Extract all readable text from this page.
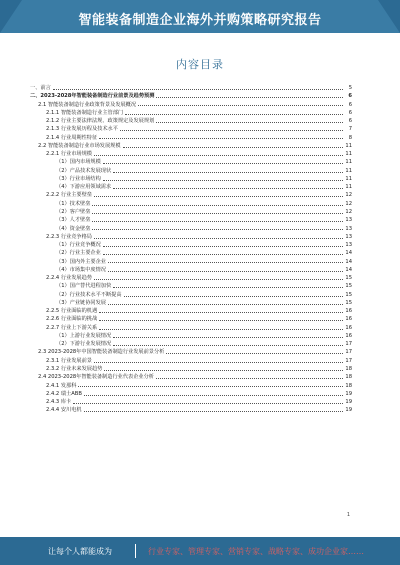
智能装备制造企业海外并购策略研究报告
内容目录
一、前言	5
二、2023-2028年智能装备制造行业前景及趋势预测	6
2.1 智能装备制造行业政策背景及发展概况	6
2.1.1 智能装备制造行业主管部门	6
2.1.2 行业主要法律法规、政策规定及发展规划	6
2.1.3 行业发展历程及技术水平	7
2.1.4 行业周期性特征	8
2.2 智能装备制造行业市场发展规模	11
2.2.1 行业市场规模	11
（1）国内市场规模	11
（2）产品技术发展现状	11
（3）行业市场结构	11
（4）下游应用领域需求	11
2.2.2 行业主要壁垒	12
（1）技术壁垒	12
（2）客户壁垒	12
（3）人才壁垒	13
（4）资金壁垒	13
2.2.3 行业竞争格局	13
（1）行业竞争概况	13
（2）行业主要企业	14
（3）国内外主要企业	14
（4）市场集中度情况	14
2.2.4 行业发展趋势	15
（1）国产替代进程加快	15
（2）行业技术水平不断提高	15
（3）产业链协同发展	15
2.2.5 行业面临的机遇	16
2.2.6 行业面临的挑战	16
2.2.7 行业上下游关系	16
（1）上游行业发展情况	16
（2）下游行业发展情况	17
2.3 2023-2028年中国智能装备制造行业发展前景分析	17
2.3.1 行业发展前景	17
2.3.2 行业未来发展趋势	18
2.4 2023-2028年智能装备制造行业代表企业分析	18
2.4.1 发那科	18
2.4.2 瑞士ABB	19
2.4.3 库卡	19
2.4.4 安川电机	19
1
让每个人都能成为	行业专家、管理专家、营销专家、战略专家、成功企业家……
